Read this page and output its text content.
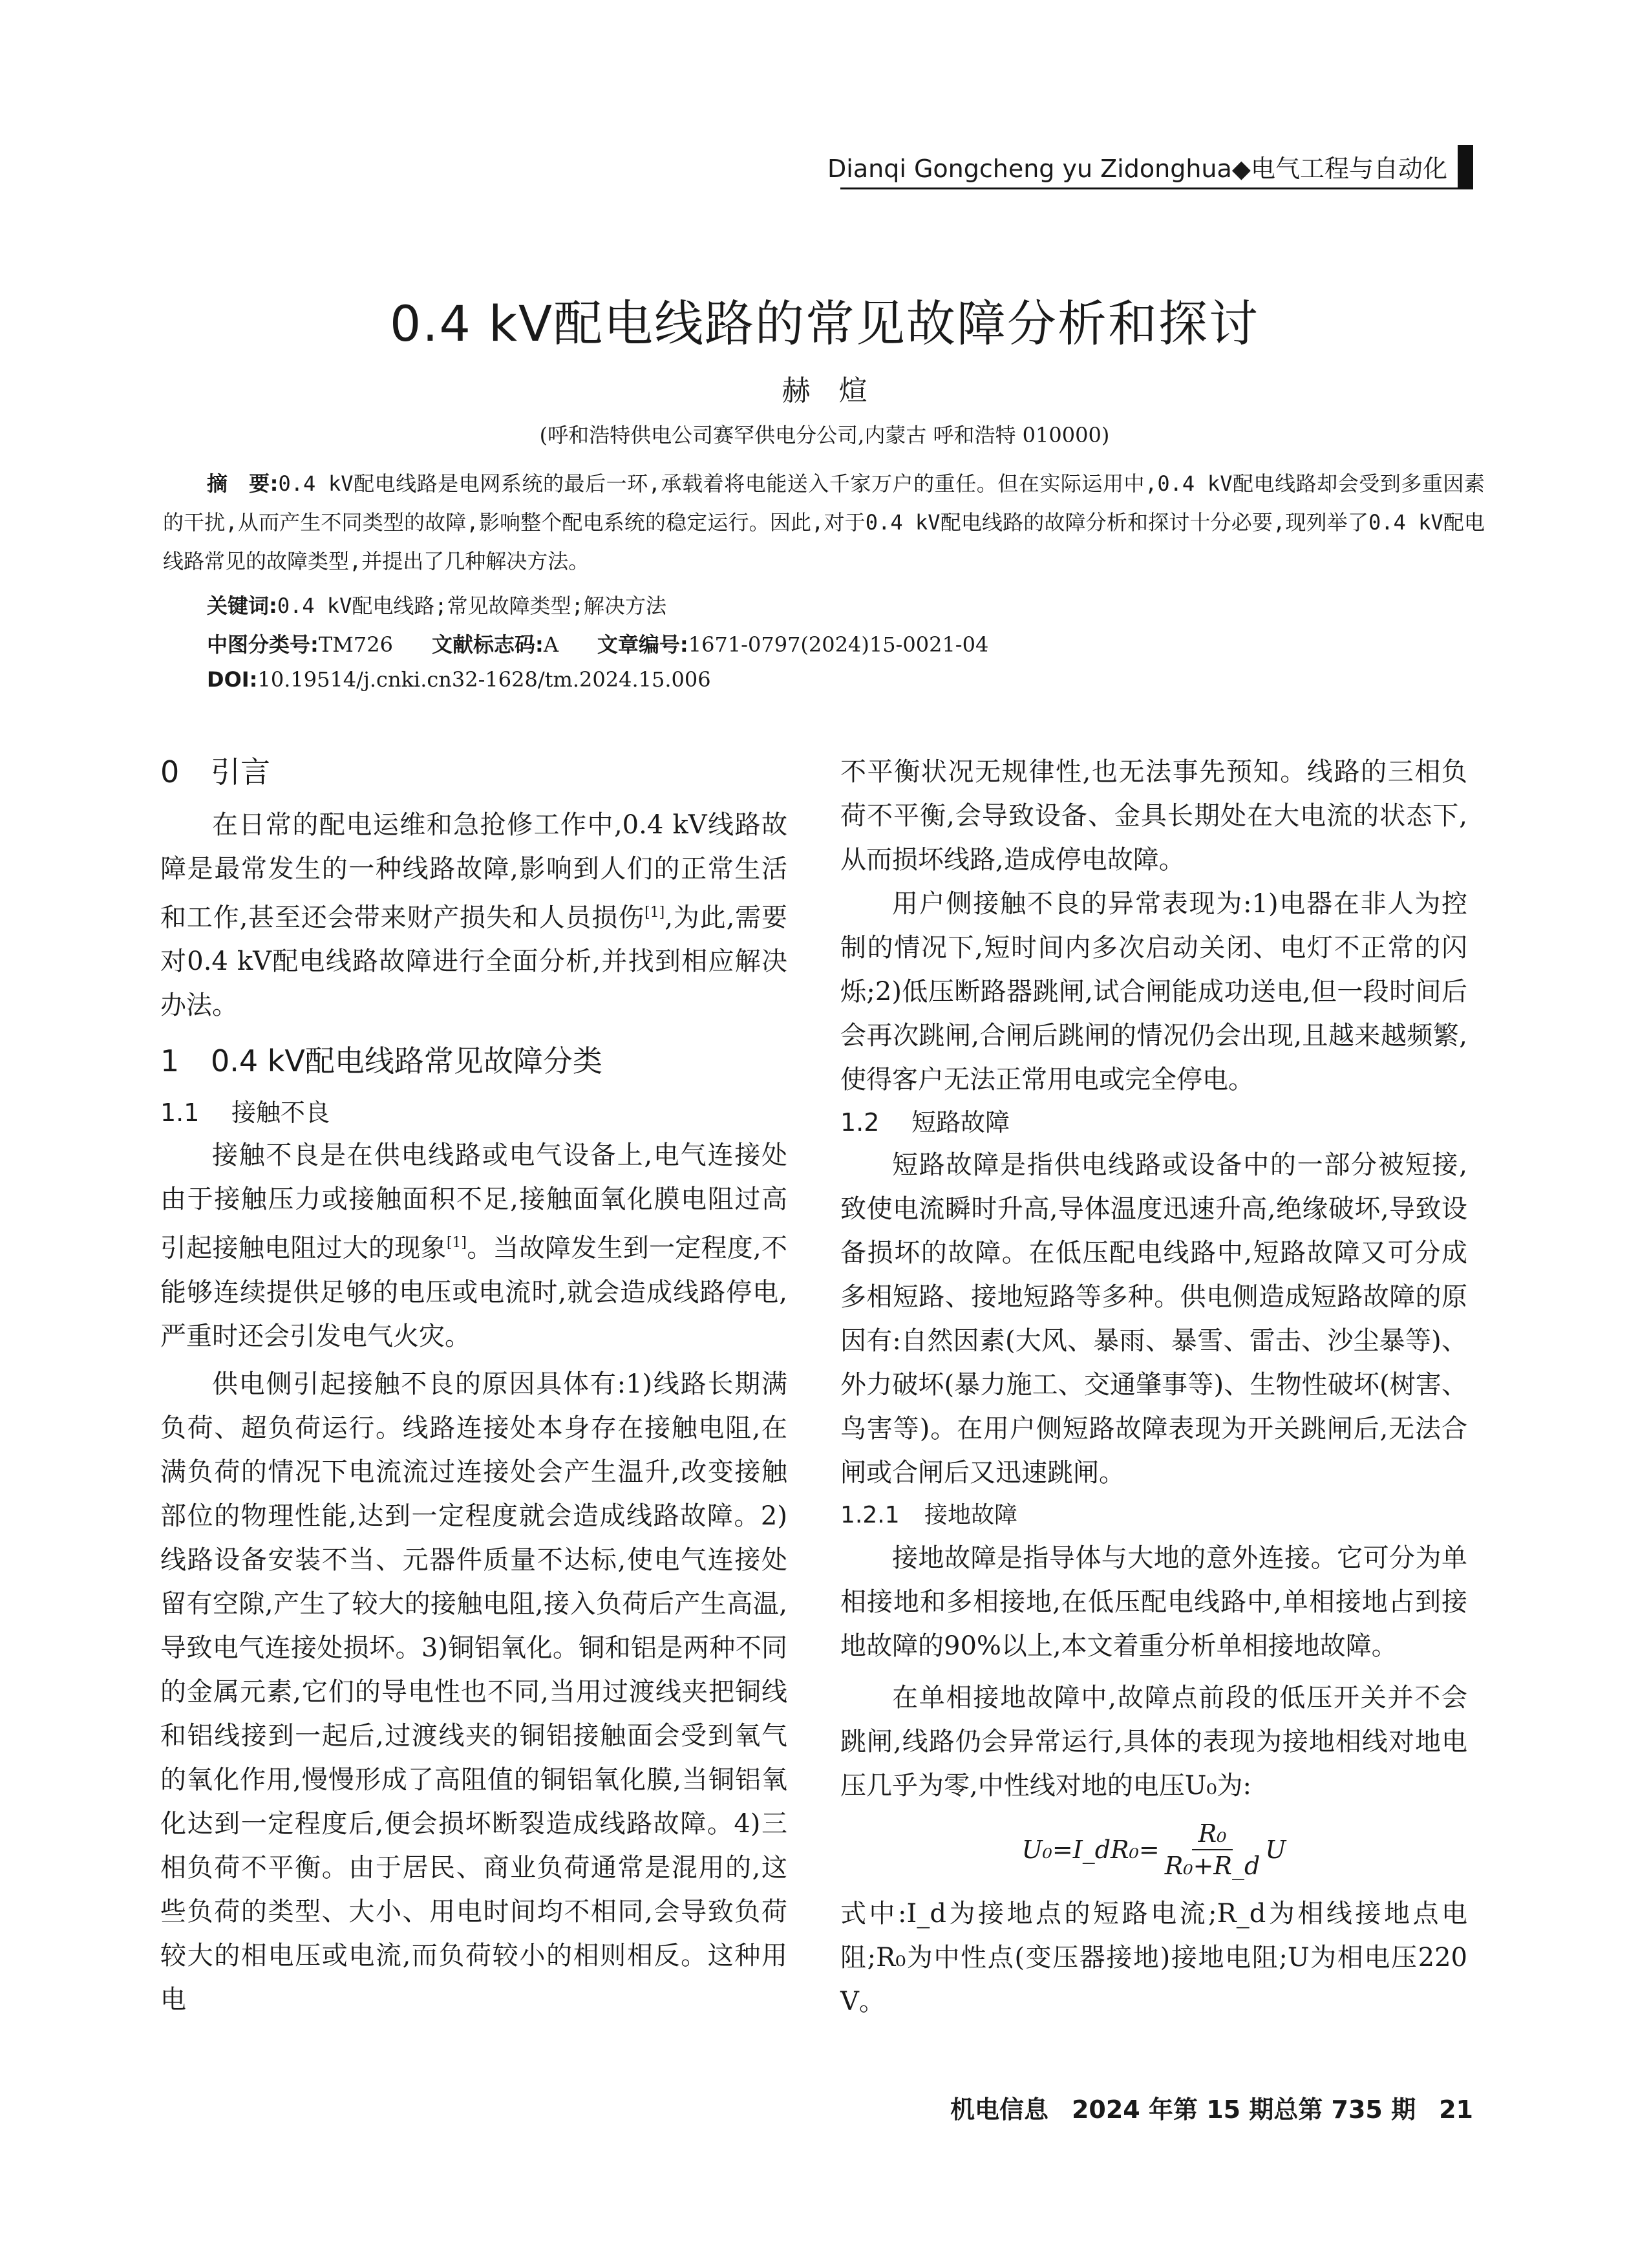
Dianqi Gongcheng yu Zidonghua◆电气工程与自动化
0.4 kV配电线路的常见故障分析和探讨
赫　煊
(呼和浩特供电公司赛罕供电分公司,内蒙古 呼和浩特 010000)
摘　要:0.4 kV配电线路是电网系统的最后一环,承载着将电能送入千家万户的重任。但在实际运用中,0.4 kV配电线路却会受到多重因素的干扰,从而产生不同类型的故障,影响整个配电系统的稳定运行。因此,对于0.4 kV配电线路的故障分析和探讨十分必要,现列举了0.4 kV配电线路常见的故障类型,并提出了几种解决方法。
关键词:0.4 kV配电线路;常见故障类型;解决方法
中图分类号:TM726 文献标志码:A 文章编号:1671-0797(2024)15-0021-04
DOI:10.19514/j.cnki.cn32-1628/tm.2024.15.006
0 引言

在日常的配电运维和急抢修工作中,0.4 kV线路故障是最常发生的一种线路故障,影响到人们的正常生活和工作,甚至还会带来财产损失和人员损伤[1],为此,需要对0.4 kV配电线路故障进行全面分析,并找到相应解决办法。

1 0.4 kV配电线路常见故障分类
1.1 接触不良

接触不良是在供电线路或电气设备上,电气连接处由于接触压力或接触面积不足,接触面氧化膜电阻过高引起接触电阻过大的现象[1]。当故障发生到一定程度,不能够连续提供足够的电压或电流时,就会造成线路停电,严重时还会引发电气火灾。

供电侧引起接触不良的原因具体有:1)线路长期满负荷、超负荷运行。线路连接处本身存在接触电阻,在满负荷的情况下电流流过连接处会产生温升,改变接触部位的物理性能,达到一定程度就会造成线路故障。2)线路设备安装不当、元器件质量不达标,使电气连接处留有空隙,产生了较大的接触电阻,接入负荷后产生高温,导致电气连接处损坏。3)铜铝氧化。铜和铝是两种不同的金属元素,它们的导电性也不同,当用过渡线夹把铜线和铝线接到一起后,过渡线夹的铜铝接触面会受到氧气的氧化作用,慢慢形成了高阻值的铜铝氧化膜,当铜铝氧化达到一定程度后,便会损坏断裂造成线路故障。4)三相负荷不平衡。由于居民、商业负荷通常是混用的,这些负荷的类型、大小、用电时间均不相同,会导致负荷较大的相电压或电流,而负荷较小的相则相反。这种用电

不平衡状况无规律性,也无法事先预知。线路的三相负荷不平衡,会导致设备、金具长期处在大电流的状态下,从而损坏线路,造成停电故障。

用户侧接触不良的异常表现为:1)电器在非人为控制的情况下,短时间内多次启动关闭、电灯不正常的闪烁;2)低压断路器跳闸,试合闸能成功送电,但一段时间后会再次跳闸,合闸后跳闸的情况仍会出现,且越来越频繁,使得客户无法正常用电或完全停电。

1.2 短路故障

短路故障是指供电线路或设备中的一部分被短接,致使电流瞬时升高,导体温度迅速升高,绝缘破坏,导致设备损坏的故障。在低压配电线路中,短路故障又可分成多相短路、接地短路等多种。供电侧造成短路故障的原因有:自然因素(大风、暴雨、暴雪、雷击、沙尘暴等)、外力破坏(暴力施工、交通肇事等)、生物性破坏(树害、鸟害等)。在用户侧短路故障表现为开关跳闸后,无法合闸或合闸后又迅速跳闸。

1.2.1 接地故障

接地故障是指导体与大地的意外连接。它可分为单相接地和多相接地,在低压配电线路中,单相接地占到接地故障的90%以上,本文着重分析单相接地故障。

在单相接地故障中,故障点前段的低压开关并不会跳闸,线路仍会异常运行,具体的表现为接地相线对地电压几乎为零,中性线对地的电压U₀为:

U₀=I_dR₀= $\frac{\text{R₀}}{\text{R₀+R\_d}}$ U

式中:I_d为接地点的短路电流;R_d为相线接地点电阻;R₀为中性点(变压器接地)接地电阻;U为相电压220 V。

机电信息 2024 年第 15 期总第 735 期 21
